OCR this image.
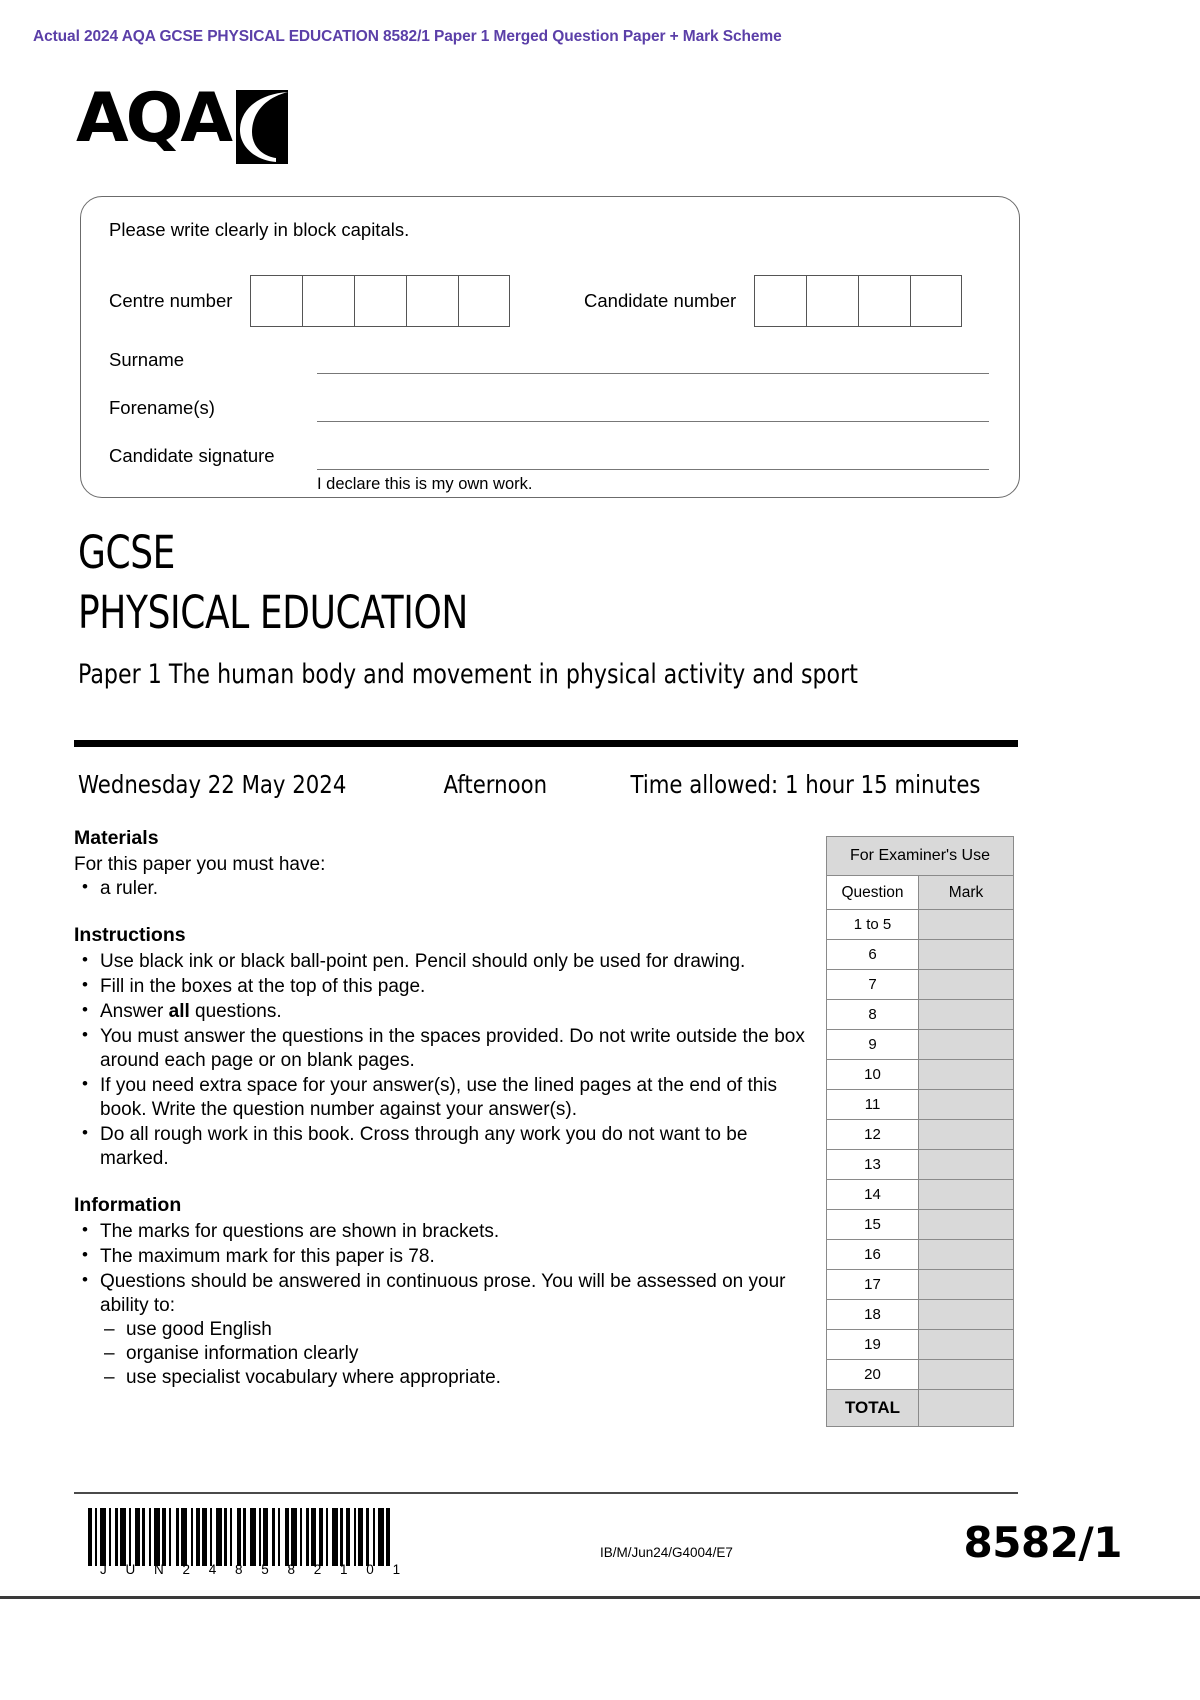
Actual 2024 AQA GCSE PHYSICAL EDUCATION 8582/1 Paper 1 Merged Question Paper + Mark Scheme
AQA
Please write clearly in block capitals.
Centre number	Candidate number
Surname
Forename(s)
Candidate signature
I declare this is my own work.
GCSE
PHYSICAL EDUCATION
Paper 1 The human body and movement in physical activity and sport
Wednesday 22 May 2024	Afternoon	Time allowed: 1 hour 15 minutes
Materials

For this paper you must have:

• a ruler.
Instructions
• Use black ink or black ball-point pen. Pencil should only be used for drawing.
• Fill in the boxes at the top of this page.
• Answer all questions.
• You must answer the questions in the spaces provided. Do not write outside the box around each page or on blank pages.
• If you need extra space for your answer(s), use the lined pages at the end of this book. Write the question number against your answer(s).
• Do all rough work in this book. Cross through any work you do not want to be marked.
Information
• The marks for questions are shown in brackets.
• The maximum mark for this paper is 78.
• Questions should be answered in continuous prose. You will be assessed on your ability to:
– use good English
– organise information clearly
– use specialist vocabulary where appropriate.
For Examiner's Use	
Question	Mark
1 to 5	
6	
7	
8	
9	
10	
11	
12	
13	
14	
15	
16	
17	
18	
19	
20	
TOTAL	
J U N 2 4 8 5 8 2 1 0 1
IB/M/Jun24/G4004/E7	8582/1
